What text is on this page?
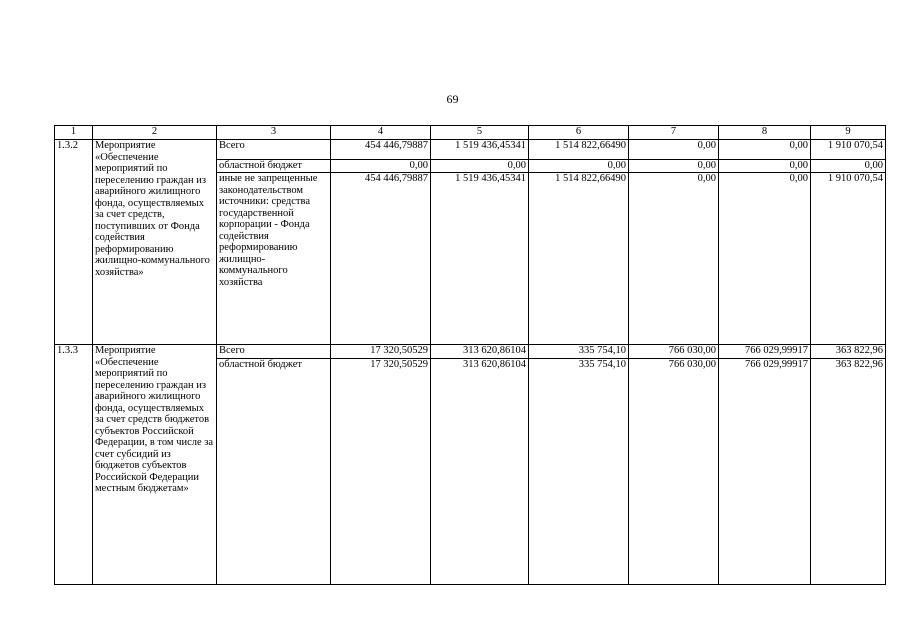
69
1	2	3	4	5	6	7	8	9
1.3.2	Мероприятие «Обеспечение мероприятий по переселению граждан из аварийного жилищного фонда, осуществляемых за счет средств, поступивших от Фонда содействия реформированию жилищно-коммунального хозяйства»	Всего	454 446,79887	1 519 436,45341	1 514 822,66490	0,00	0,00	1 910 070,54
		областной бюджет	0,00	0,00	0,00	0,00	0,00	0,00
		иные не запрещенные законодательством источники: средства государственной корпорации - Фонда содействия реформированию жилищно-коммунального хозяйства	454 446,79887	1 519 436,45341	1 514 822,66490	0,00	0,00	1 910 070,54
1.3.3	Мероприятие «Обеспечение мероприятий по переселению граждан из аварийного жилищного фонда, осуществляемых за счет средств бюджетов субъектов Российской Федерации, в том числе за счет субсидий из бюджетов субъектов Российской Федерации местным бюджетам»	Всего	17 320,50529	313 620,86104	335 754,10	766 030,00	766 029,99917	363 822,96
		областной бюджет	17 320,50529	313 620,86104	335 754,10	766 030,00	766 029,99917	363 822,96
